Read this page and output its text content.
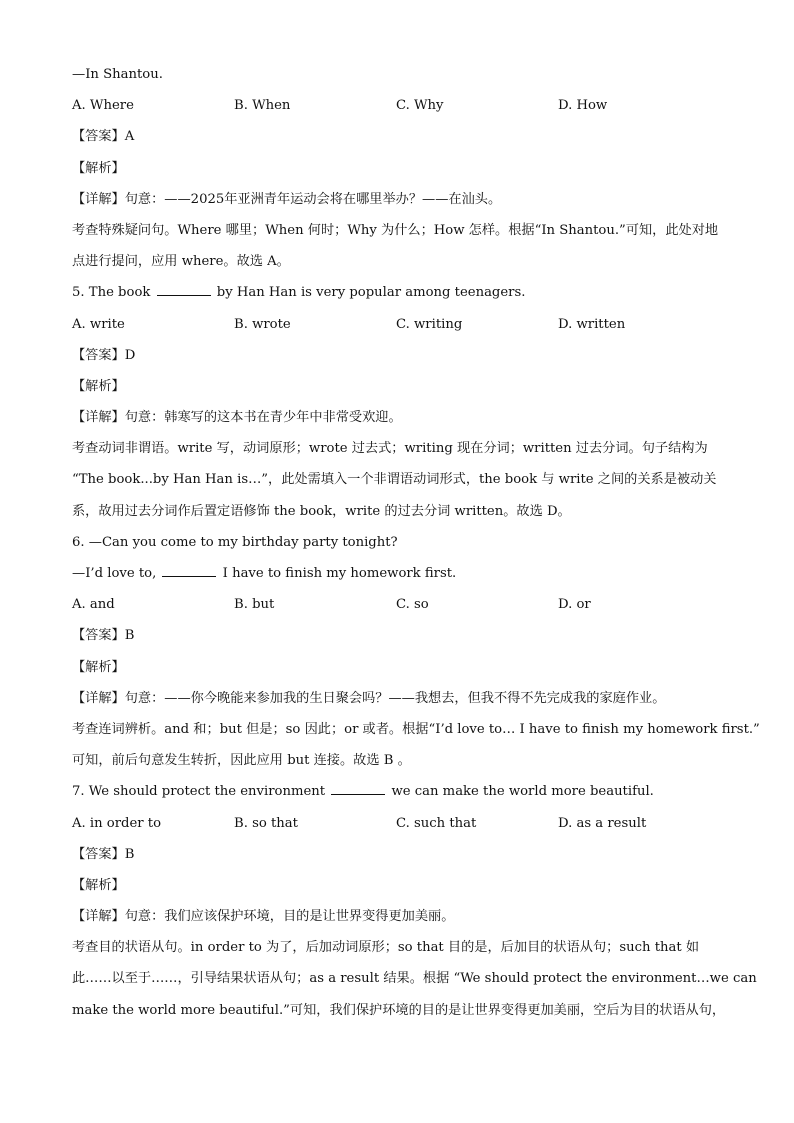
—In Shantou.
A. Where	B. When	C. Why	D. How
【答案】A
【解析】
【详解】句意：——2025年亚洲青年运动会将在哪里举办？——在汕头。
考查特殊疑问句。Where 哪里；When 何时；Why 为什么；How 怎样。根据“In Shantou.”可知，此处对地
点进行提问，应用 where。故选 A。
5. The book	by Han Han is very popular among teenagers.
A. write	B. wrote	C. writing	D. written
【答案】D
【解析】
【详解】句意：韩寒写的这本书在青少年中非常受欢迎。
考查动词非谓语。write 写，动词原形；wrote 过去式；writing 现在分词；written 过去分词。句子结构为
“The book...by Han Han is…”，此处需填入一个非谓语动词形式，the book 与 write 之间的关系是被动关
系，故用过去分词作后置定语修饰 the book，write 的过去分词 written。故选 D。
6. —Can you come to my birthday party tonight?
—I’d love to,	I have to finish my homework first.
A. and	B. but	C. so	D. or
【答案】B
【解析】
【详解】句意：——你今晚能来参加我的生日聚会吗？——我想去，但我不得不先完成我的家庭作业。
考查连词辨析。and 和；but 但是；so 因此；or 或者。根据“I’d love to… I have to finish my homework first.”
可知，前后句意发生转折，因此应用 but 连接。故选 B 。
7. We should protect the environment	we can make the world more beautiful.
A. in order to	B. so that	C. such that	D. as a result
【答案】B
【解析】
【详解】句意：我们应该保护环境，目的是让世界变得更加美丽。
考查目的状语从句。in order to 为了，后加动词原形；so that 目的是，后加目的状语从句；such that 如
此……以至于……，引导结果状语从句；as a result 结果。根据 “We should protect the environment…we can
make the world more beautiful.”可知，我们保护环境的目的是让世界变得更加美丽，空后为目的状语从句，
